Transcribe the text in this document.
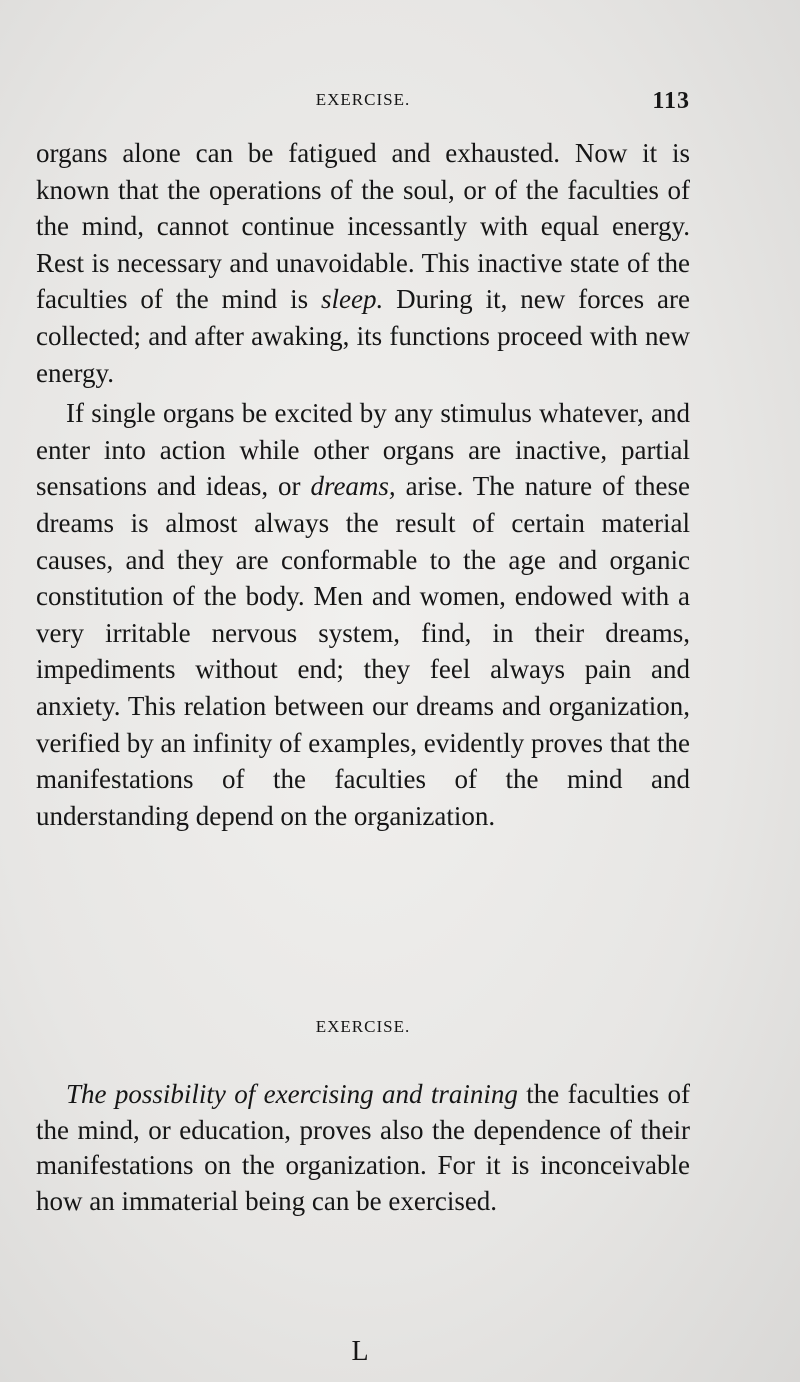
EXERCISE.	113

organs alone can be fatigued and exhausted. Now it is known that the operations of the soul, or of the faculties of the mind, cannot continue incessantly with equal energy. Rest is necessary and unavoidable. This inactive state of the faculties of the mind is sleep. During it, new forces are collected; and after awaking, its functions proceed with new energy.

If single organs be excited by any stimulus whatever, and enter into action while other organs are inactive, partial sensations and ideas, or dreams, arise. The nature of these dreams is almost always the result of certain material causes, and they are conformable to the age and organic constitution of the body. Men and women, endowed with a very irritable nervous system, find, in their dreams, impediments without end; they feel always pain and anxiety. This relation between our dreams and organization, verified by an infinity of examples, evidently proves that the manifestations of the faculties of the mind and understanding depend on the organization.

EXERCISE.

The possibility of exercising and training the faculties of the mind, or education, proves also the dependence of their manifestations on the organization. For it is inconceivable how an immaterial being can be exercised.

L
